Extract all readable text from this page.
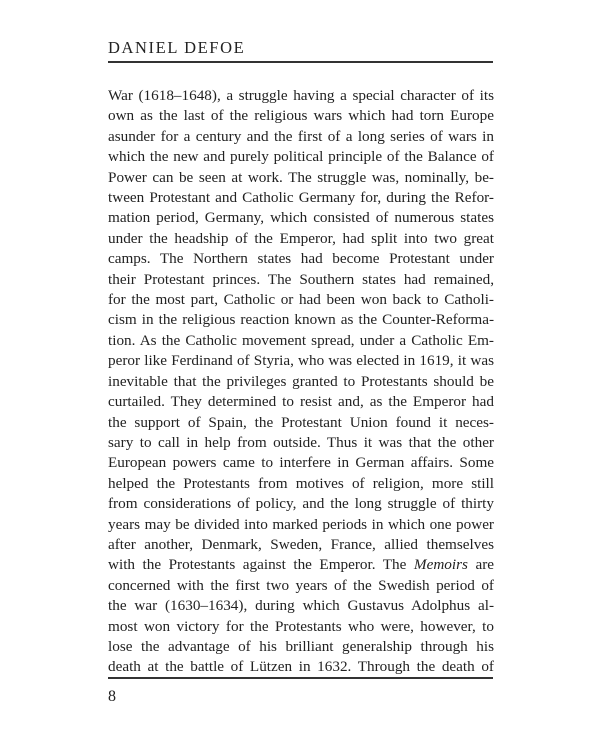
DANIEL DEFOE
War (1618–1648), a struggle having a special character of its
own as the last of the religious wars which had torn Europe
asunder for a century and the first of a long series of wars in
which the new and purely political principle of the Balance of
Power can be seen at work. The struggle was, nominally, be-
tween Protestant and Catholic Germany for, during the Refor-
mation period, Germany, which consisted of numerous states
under the headship of the Emperor, had split into two great
camps. The Northern states had become Protestant under
their Protestant princes. The Southern states had remained,
for the most part, Catholic or had been won back to Catholi-
cism in the religious reaction known as the Counter-Reforma-
tion. As the Catholic movement spread, under a Catholic Em-
peror like Ferdinand of Styria, who was elected in 1619, it was
inevitable that the privileges granted to Protestants should be
curtailed. They determined to resist and, as the Emperor had
the support of Spain, the Protestant Union found it neces-
sary to call in help from outside. Thus it was that the other
European powers came to interfere in German affairs. Some
helped the Protestants from motives of religion, more still
from considerations of policy, and the long struggle of thirty
years may be divided into marked periods in which one power
after another, Denmark, Sweden, France, allied themselves
with the Protestants against the Emperor. The Memoirs are
concerned with the first two years of the Swedish period of
the war (1630–1634), during which Gustavus Adolphus al-
most won victory for the Protestants who were, however, to
lose the advantage of his brilliant generalship through his
death at the battle of Lützen in 1632. Through the death of
8
